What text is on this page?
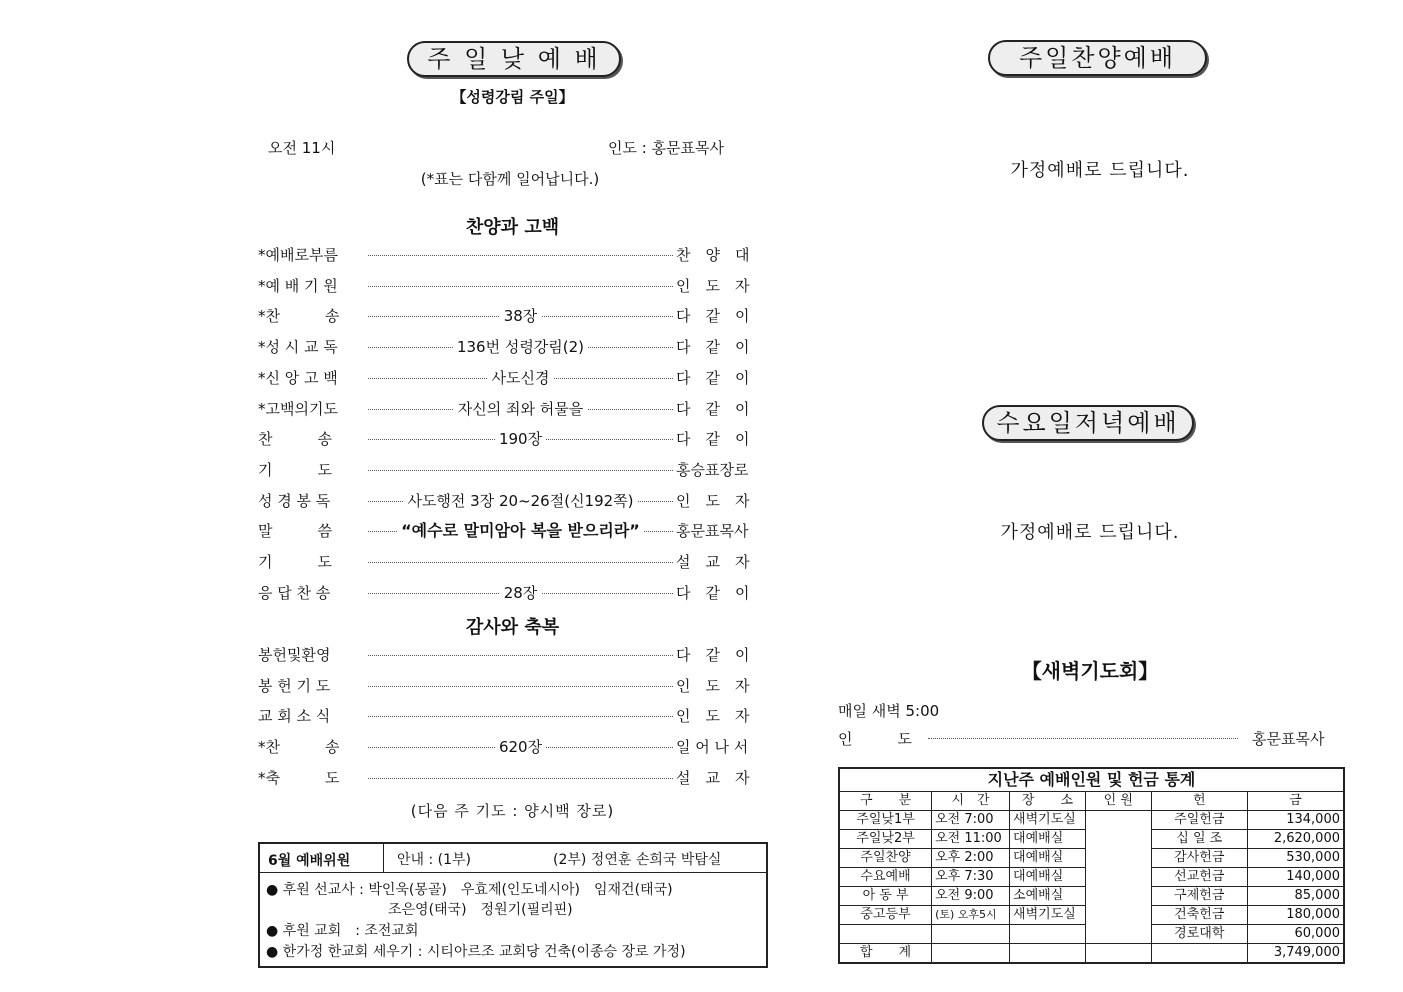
주 일 낮 예 배
【성령강림 주일】
오전 11시	인도 : 홍문표목사
(*표는 다함께 일어납니다.)
찬양과 고백
*예배로부름	찬　양　대
*예 배 기 원	인　도　자
*찬　　　송	38장	다　같　이
*성 시 교 독	136번 성령강림(2)	다　같　이
*신 앙 고 백	사도신경	다　같　이
*고백의기도	자신의 죄와 허물을	다　같　이
찬　　　송	190장	다　같　이
기　　　도	홍승표장로
성 경 봉 독	사도행전 3장 20~26절(신192쪽)	인　도　자
말　　　씀	“예수로 말미암아 복을 받으리라”	홍문표목사
기　　　도	설　교　자
응 답 찬 송	28장	다　같　이
감사와 축복
봉헌및환영	다　같　이
봉 헌 기 도	인　도　자
교 회 소 식	인　도　자
*찬　　　송	620장	일 어 나 서
*축　　　도	설　교　자
(다음 주 기도 : 양시백 장로)
6월 예배위원	안내 : (1부)	(2부) 정연훈 손희국 박탐실
● 후원 선교사 : 박인욱(몽골)　우효제(인도네시아)　임재건(태국)
조은영(태국)　정원기(필리핀)
● 후원 교회　: 조전교회
● 한가정 한교회 세우기 : 시티아르조 교회당 건축(이종승 장로 가정)
주일찬양예배
가정예배로 드립니다.
수요일저녁예배
가정예배로 드립니다.
【새벽기도회】
매일 새벽 5:00
인　　　도	홍문표목사
지난주 예배인원 및 헌금 통계					
구　　분	시　간	장　　소	인 원	헌	금
주일낮1부	오전 7:00	새벽기도실		주일헌금	134,000
주일낮2부	오전 11:00	대예배실		십 일 조	2,620,000
주일찬양	오후 2:00	대예배실		감사헌금	530,000
수요예배	오후 7:30	대예배실		선교헌금	140,000
아 동 부	오전 9:00	소예배실		구제헌금	85,000
중고등부	(토) 오후5시	새벽기도실		건축헌금	180,000
				경로대학	60,000
합　　계					3,749,000
